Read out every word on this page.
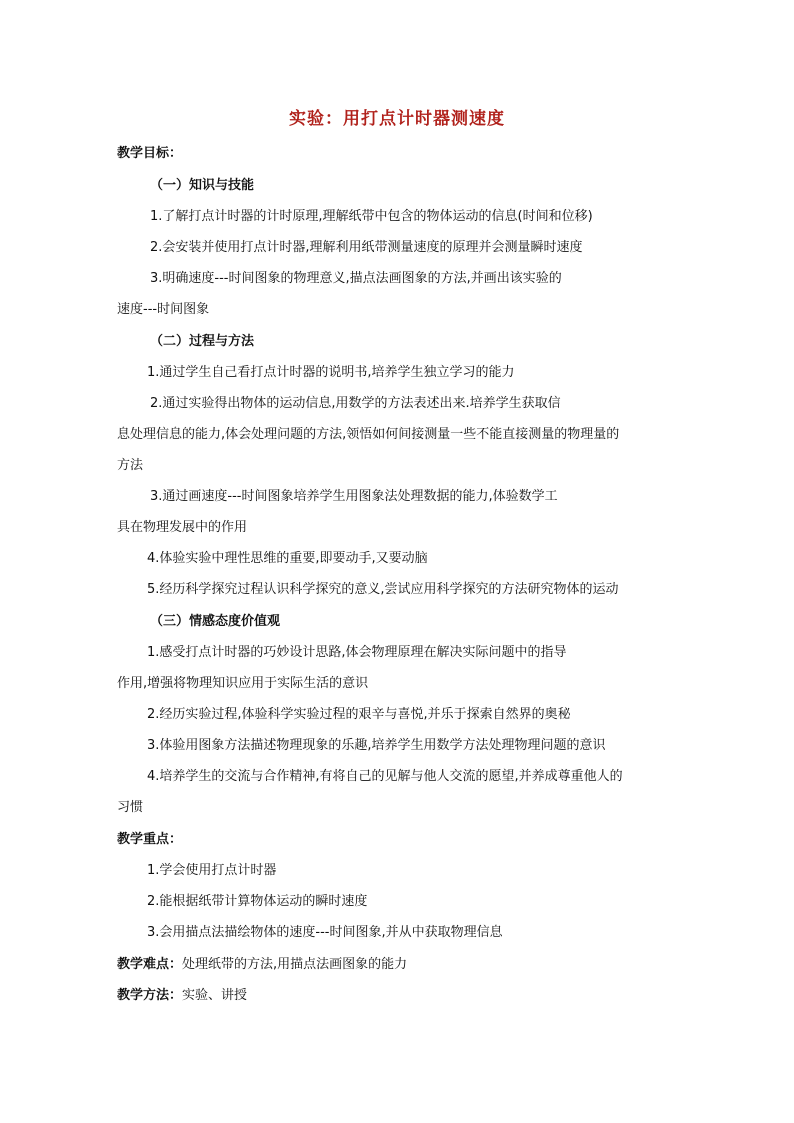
实验：用打点计时器测速度
教学目标：
（一）知识与技能
1.了解打点计时器的计时原理,理解纸带中包含的物体运动的信息(时间和位移)
2.会安装并使用打点计时器,理解利用纸带测量速度的原理并会测量瞬时速度
3.明确速度---时间图象的物理意义,描点法画图象的方法,并画出该实验的
速度---时间图象
（二）过程与方法
1.通过学生自己看打点计时器的说明书,培养学生独立学习的能力
2.通过实验得出物体的运动信息,用数学的方法表述出来.培养学生获取信
息处理信息的能力,体会处理问题的方法,领悟如何间接测量一些不能直接测量的物理量的
方法
3.通过画速度---时间图象培养学生用图象法处理数据的能力,体验数学工
具在物理发展中的作用
4.体验实验中理性思维的重要,即要动手,又要动脑
5.经历科学探究过程认识科学探究的意义,尝试应用科学探究的方法研究物体的运动
（三）情感态度价值观
1.感受打点计时器的巧妙设计思路,体会物理原理在解决实际问题中的指导
作用,增强将物理知识应用于实际生活的意识
2.经历实验过程,体验科学实验过程的艰辛与喜悦,并乐于探索自然界的奥秘
3.体验用图象方法描述物理现象的乐趣,培养学生用数学方法处理物理问题的意识
4.培养学生的交流与合作精神,有将自己的见解与他人交流的愿望,并养成尊重他人的
习惯
教学重点：
1.学会使用打点计时器
2.能根据纸带计算物体运动的瞬时速度
3.会用描点法描绘物体的速度---时间图象,并从中获取物理信息
教学难点：处理纸带的方法,用描点法画图象的能力
教学方法：实验、讲授
